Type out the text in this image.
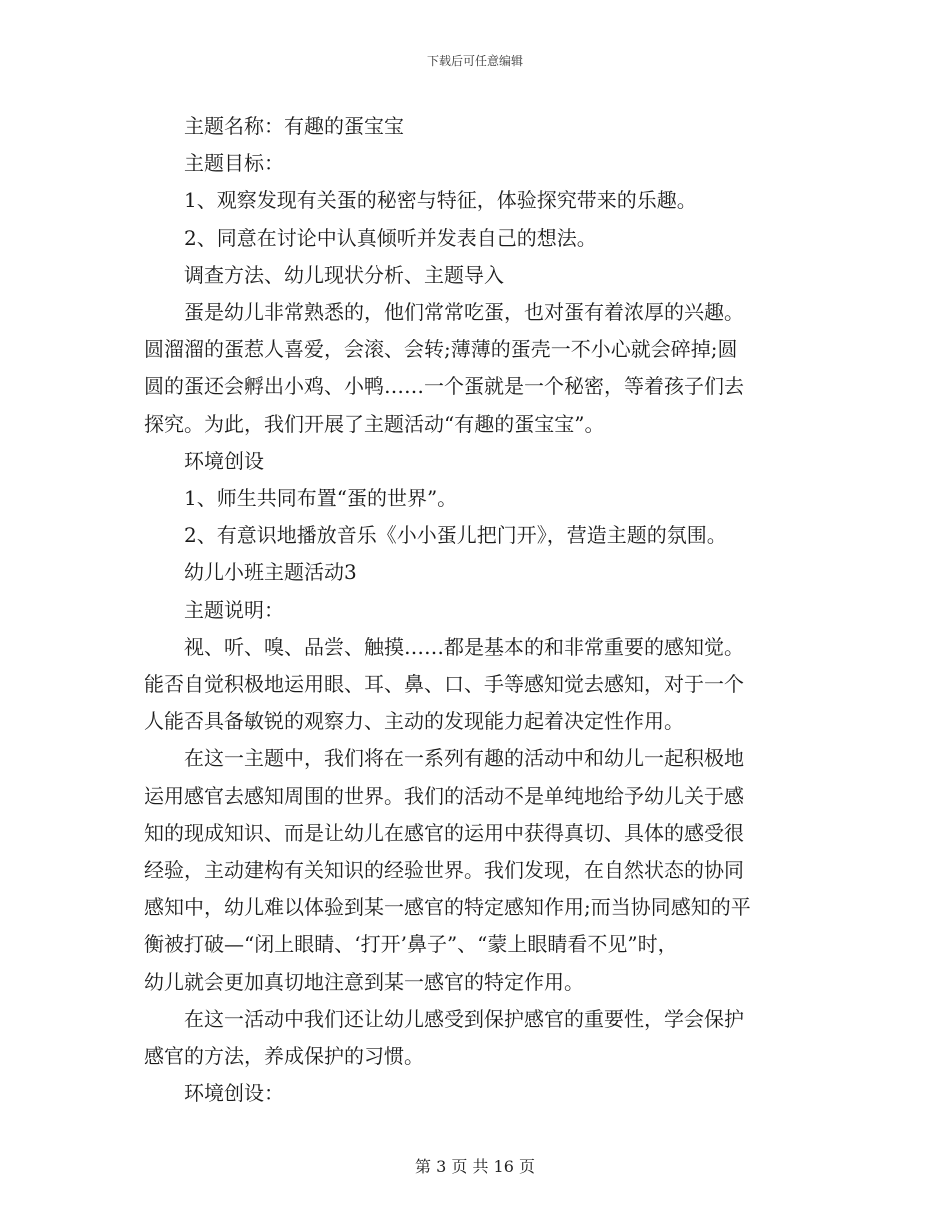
下载后可任意编辑

　　主题名称：有趣的蛋宝宝

　　主题目标：

　　1、观察发现有关蛋的秘密与特征，体验探究带来的乐趣。

　　2、同意在讨论中认真倾听并发表自己的想法。

　　调查方法、幼儿现状分析、主题导入

　　蛋是幼儿非常熟悉的，他们常常吃蛋，也对蛋有着浓厚的兴趣。

圆溜溜的蛋惹人喜爱，会滚、会转;薄薄的蛋壳一不小心就会碎掉;圆

圆的蛋还会孵出小鸡、小鸭……一个蛋就是一个秘密，等着孩子们去

探究。为此，我们开展了主题活动“有趣的蛋宝宝”。

　　环境创设

　　1、师生共同布置“蛋的世界”。

　　2、有意识地播放音乐《小小蛋儿把门开》，营造主题的氛围。

　　幼儿小班主题活动3

　　主题说明：

　　视、听、嗅、品尝、触摸……都是基本的和非常重要的感知觉。

能否自觉积极地运用眼、耳、鼻、口、手等感知觉去感知，对于一个

人能否具备敏锐的观察力、主动的发现能力起着决定性作用。

　　在这一主题中，我们将在一系列有趣的活动中和幼儿一起积极地

运用感官去感知周围的世界。我们的活动不是单纯地给予幼儿关于感

知的现成知识、而是让幼儿在感官的运用中获得真切、具体的感受很

经验，主动建构有关知识的经验世界。我们发现，在自然状态的协同

感知中，幼儿难以体验到某一感官的特定感知作用;而当协同感知的平

衡被打破—“闭上眼睛、‘打开’鼻子”、“蒙上眼睛看不见”时，

幼儿就会更加真切地注意到某一感官的特定作用。

　　在这一活动中我们还让幼儿感受到保护感官的重要性，学会保护

感官的方法，养成保护的习惯。

　　环境创设：

第 3 页 共 16 页
